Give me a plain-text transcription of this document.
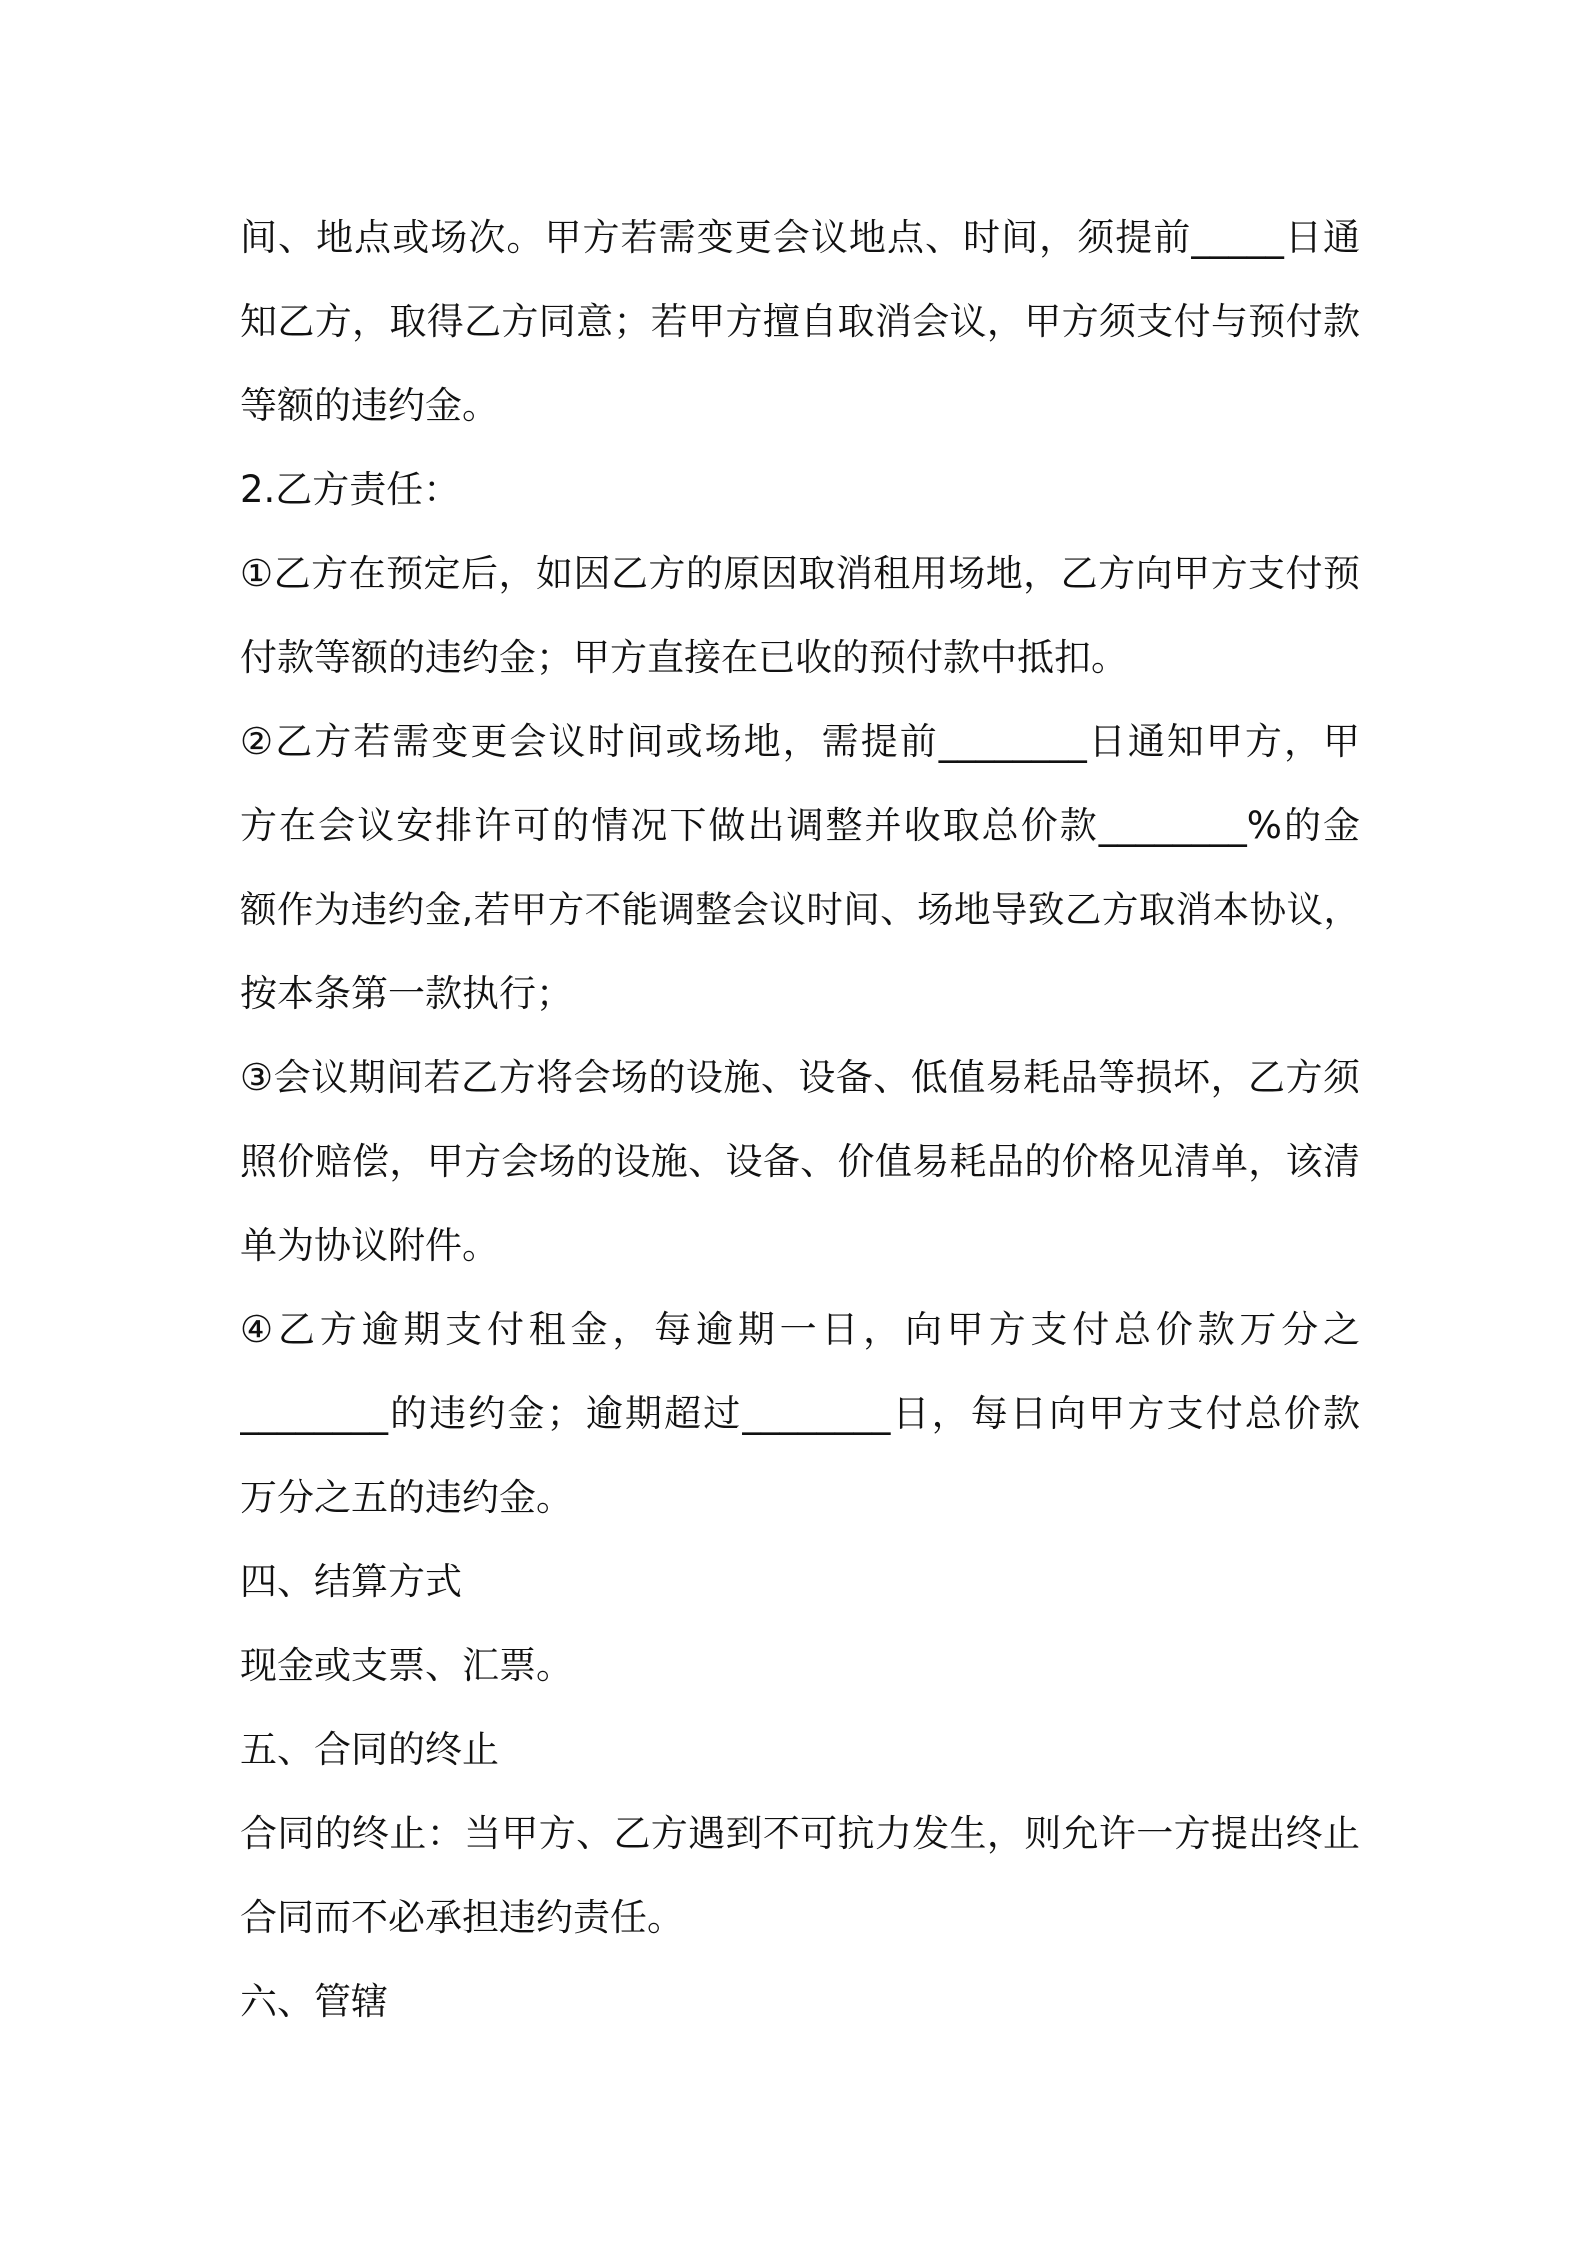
间、地点或场次。甲方若需变更会议地点、时间，须提前_____日通
知乙方，取得乙方同意；若甲方擅自取消会议，甲方须支付与预付款
等额的违约金。
2.乙方责任：
①乙方在预定后，如因乙方的原因取消租用场地，乙方向甲方支付预
付款等额的违约金；甲方直接在已收的预付款中抵扣。
②乙方若需变更会议时间或场地，需提前________日通知甲方，甲
方在会议安排许可的情况下做出调整并收取总价款________%的金
额作为违约金,若甲方不能调整会议时间、场地导致乙方取消本协议，
按本条第一款执行；
③会议期间若乙方将会场的设施、设备、低值易耗品等损坏，乙方须
照价赔偿，甲方会场的设施、设备、价值易耗品的价格见清单，该清
单为协议附件。
④乙方逾期支付租金，每逾期一日，向甲方支付总价款万分之
________的违约金；逾期超过________日，每日向甲方支付总价款
万分之五的违约金。
四、结算方式
现金或支票、汇票。
五、合同的终止
合同的终止：当甲方、乙方遇到不可抗力发生，则允许一方提出终止
合同而不必承担违约责任。
六、管辖
